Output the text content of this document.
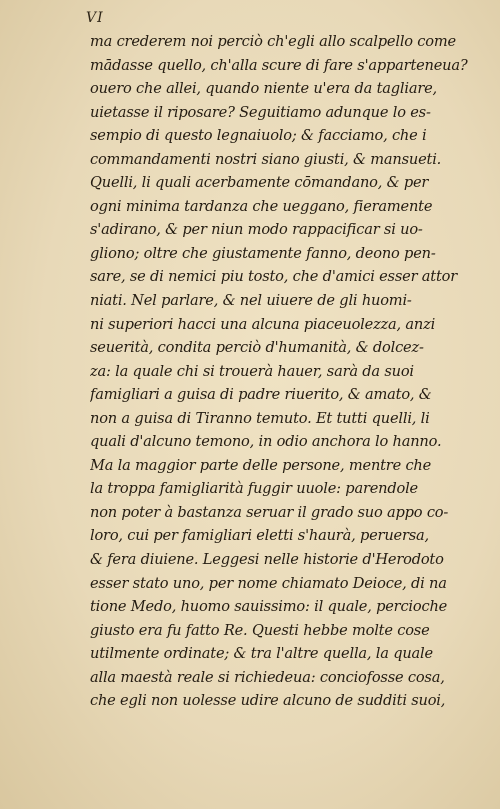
VI
ma crederem noi perciò ch'egli allo scalpello come
mādasse quello, ch'alla scure di fare s'apparteneua?
ouero che allei, quando niente u'era da tagliare,
uietasse il riposare? Seguitiamo adunque lo es-
sempio di questo legnaiuolo; & facciamo, che i
commandamenti nostri siano giusti, & mansueti.
Quelli, li quali acerbamente cōmandano, & per
ogni minima tardanza che ueggano, fieramente
s'adirano, & per niun modo rappacificar si uo-
gliono; oltre che giustamente fanno, deono pen-
sare, se di nemici piu tosto, che d'amici esser attor
niati. Nel parlare, & nel uiuere de gli huomi-
ni superiori hacci una alcuna piaceuolezza, anzi
seuerità, condita perciò d'humanità, & dolcez-
za: la quale chi si trouerà hauer, sarà da suoi
famigliari a guisa di padre riuerito, & amato, &
non a guisa di Tiranno temuto. Et tutti quelli, li
quali d'alcuno temono, in odio anchora lo hanno.
Ma la maggior parte delle persone, mentre che
la troppa famigliarità fuggir uuole: parendole
non poter à bastanza seruar il grado suo appo co-
loro, cui per famigliari eletti s'haurà, peruersa,
& fera diuiene. Leggesi nelle historie d'Herodoto
esser stato uno, per nome chiamato Deioce, di na
tione Medo, huomo sauissimo: il quale, percioche
giusto era fu fatto Re. Questi hebbe molte cose
utilmente ordinate; & tra l'altre quella, la quale
alla maestà reale si richiedeua: conciofosse cosa,
che egli non uolesse udire alcuno de sudditi suoi,
